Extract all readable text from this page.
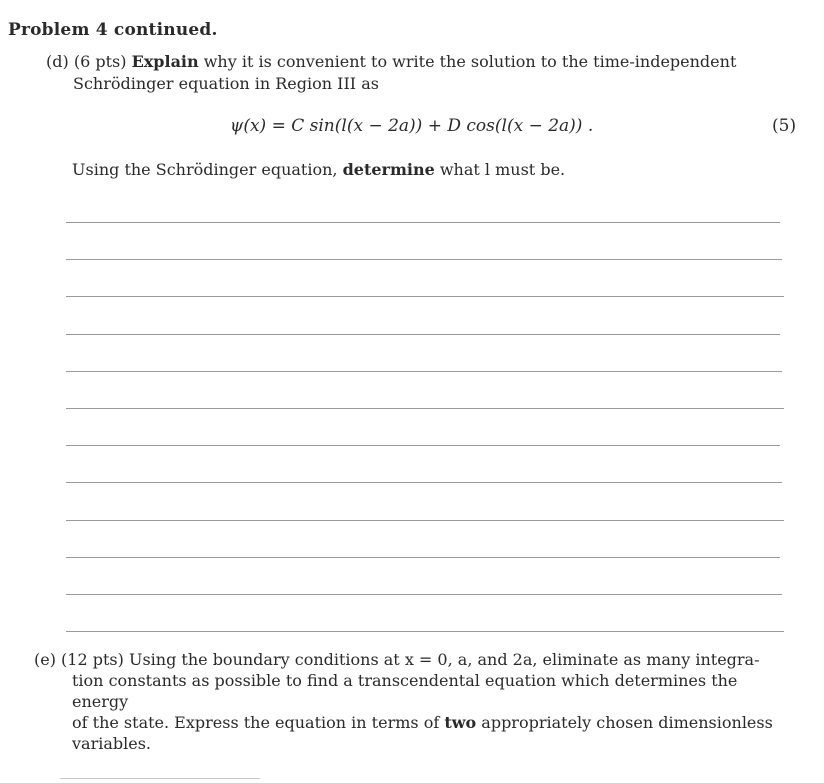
Problem 4 continued.
(d) (6 pts) Explain why it is convenient to write the solution to the time-independent
Schrödinger equation in Region III as
ψ(x) = C sin(l(x − 2a)) + D cos(l(x − 2a)) .	(5)
Using the Schrödinger equation, determine what l must be.
(e) (12 pts) Using the boundary conditions at x = 0, a, and 2a, eliminate as many integra-
tion constants as possible to find a transcendental equation which determines the energy
of the state. Express the equation in terms of two appropriately chosen dimensionless
variables.
